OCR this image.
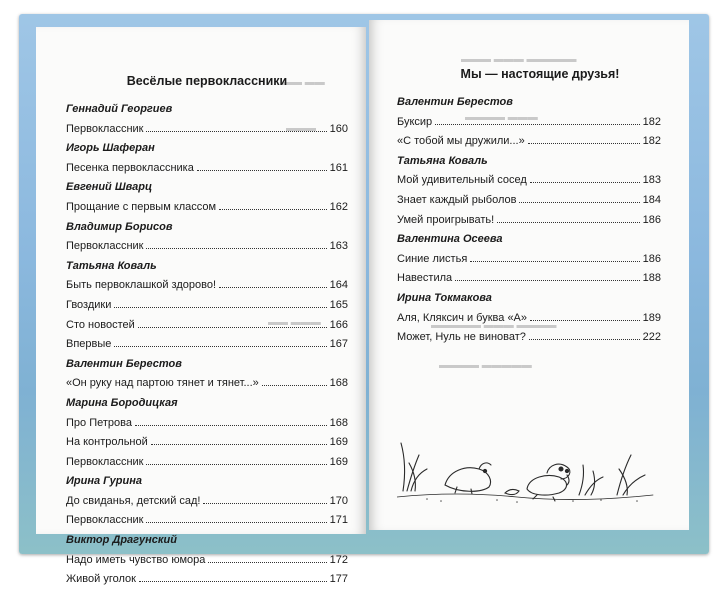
▬▬ ▬▬
▬▬▬
▬▬ ▬▬▬
Весёлые первоклассники
Геннадий Георгиев
Первоклассник	160
Игорь Шаферан
Песенка первоклассника	161
Евгений Шварц
Прощание с первым классом	162
Владимир Борисов
Первоклассник	163
Татьяна Коваль
Быть первоклашкой здорово!	164
Гвоздики	165
Сто новостей	166
Впервые	167
Валентин Берестов
«Он руку над партою тянет и тянет...»	168
Марина Бородицкая
Про Петрова	168
На контрольной	169
Первоклассник	169
Ирина Гурина
До свиданья, детский сад!	170
Первоклассник	171
Виктор Драгунский
Надо иметь чувство юмора	172
Живой уголок	177
▬▬▬ ▬▬▬ ▬▬▬▬▬
▬▬▬▬ ▬▬▬
▬▬▬▬▬ ▬▬▬ ▬▬▬▬
▬▬▬▬ ▬▬▬▬▬
Мы — настоящие друзья!
Валентин Берестов
Буксир	182
«С тобой мы дружили...»	182
Татьяна Коваль
Мой удивительный сосед	183
Знает каждый рыболов	184
Умей проигрывать!	186
Валентина Осеева
Синие листья	186
Навестила	188
Ирина Токмакова
Аля, Кляксич и буква «А»	189
Может, Нуль не виноват?	222
